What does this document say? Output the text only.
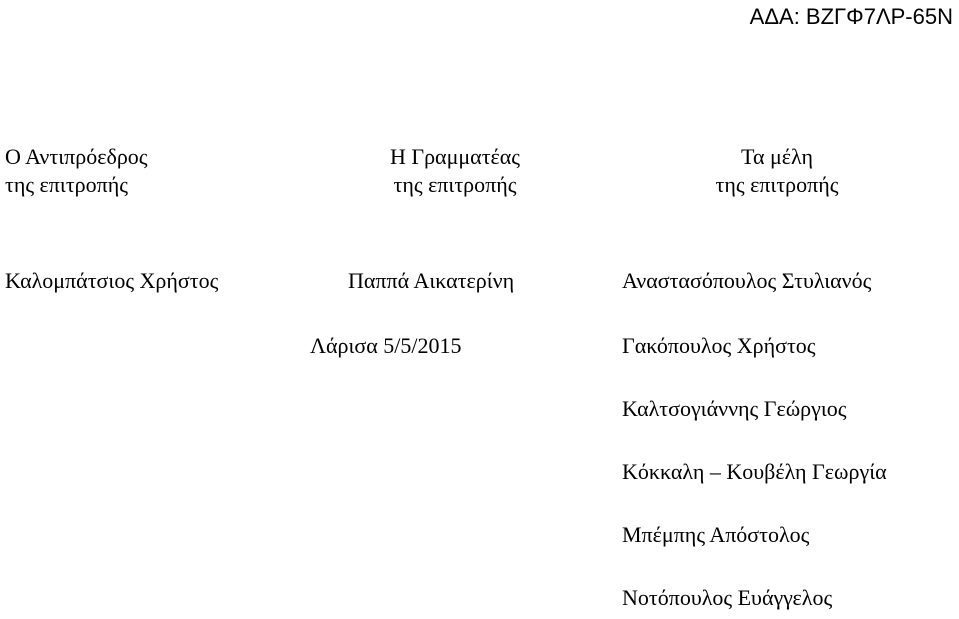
ΑΔΑ: ΒΖΓΦ7ΛΡ-65Ν
Ο Αντιπρόεδρος
της επιτροπής
Καλομπάτσιος Χρήστος
Η Γραμματέας
της επιτροπής
Παππά Αικατερίνη
Λάρισα 5/5/2015
Τα μέλη
της επιτροπής
Αναστασόπουλος Στυλιανός
Γακόπουλος Χρήστος
Καλτσογιάννης Γεώργιος
Κόκκαλη – Κουβέλη Γεωργία
Μπέμπης Απόστολος
Νοτόπουλος Ευάγγελος
